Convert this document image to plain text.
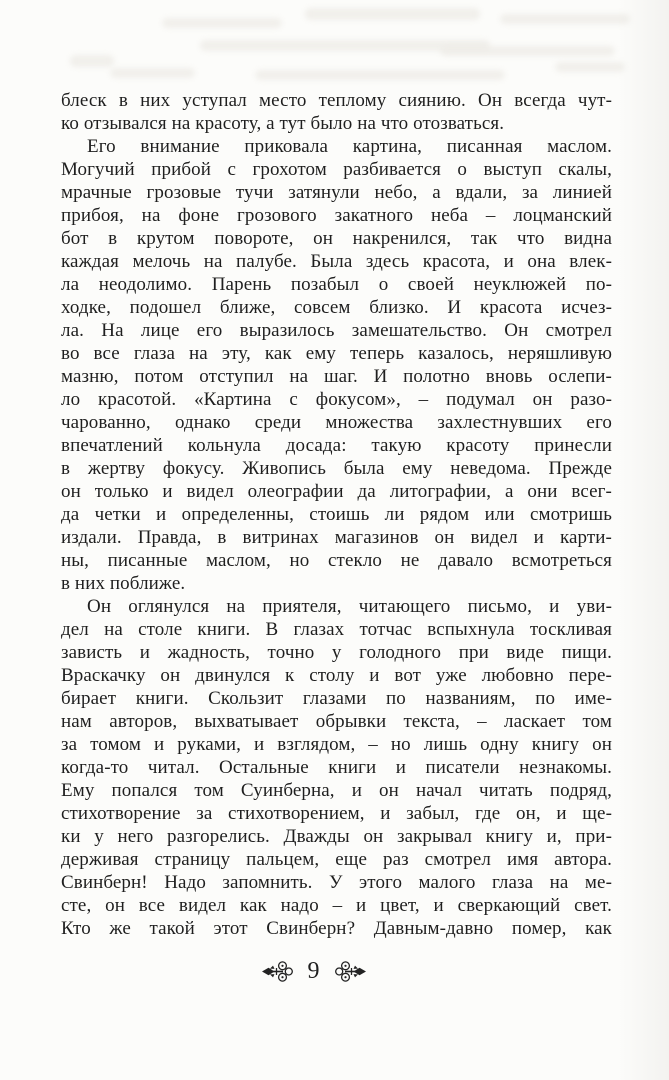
блеск в них уступал место теплому сиянию. Он всегда чут-
ко отзывался на красоту, а тут было на что отозваться.
Его внимание приковала картина, писанная маслом.
Могучий прибой с грохотом разбивается о выступ скалы,
мрачные грозовые тучи затянули небо, а вдали, за линией
прибоя, на фоне грозового закатного неба – лоцманский
бот в крутом повороте, он накренился, так что видна
каждая мелочь на палубе. Была здесь красота, и она влек-
ла неодолимо. Парень позабыл о своей неуклюжей по-
ходке, подошел ближе, совсем близко. И красота исчез-
ла. На лице его выразилось замешательство. Он смотрел
во все глаза на эту, как ему теперь казалось, неряшливую
мазню, потом отступил на шаг. И полотно вновь ослепи-
ло красотой. «Картина с фокусом», – подумал он разо-
чарованно, однако среди множества захлестнувших его
впечатлений кольнула досада: такую красоту принесли
в жертву фокусу. Живопись была ему неведома. Прежде
он только и видел олеографии да литографии, а они всег-
да четки и определенны, стоишь ли рядом или смотришь
издали. Правда, в витринах магазинов он видел и карти-
ны, писанные маслом, но стекло не давало всмотреться
в них поближе.
Он оглянулся на приятеля, читающего письмо, и уви-
дел на столе книги. В глазах тотчас вспыхнула тоскливая
зависть и жадность, точно у голодного при виде пищи.
Враскачку он двинулся к столу и вот уже любовно пере-
бирает книги. Скользит глазами по названиям, по име-
нам авторов, выхватывает обрывки текста, – ласкает том
за томом и руками, и взглядом, – но лишь одну книгу он
когда-то читал. Остальные книги и писатели незнакомы.
Ему попался том Суинберна, и он начал читать подряд,
стихотворение за стихотворением, и забыл, где он, и ще-
ки у него разгорелись. Дважды он закрывал книгу и, при-
держивая страницу пальцем, еще раз смотрел имя автора.
Свинберн! Надо запомнить. У этого малого глаза на ме-
сте, он все видел как надо – и цвет, и сверкающий свет.
Кто же такой этот Свинберн? Давным-давно помер, как
9
